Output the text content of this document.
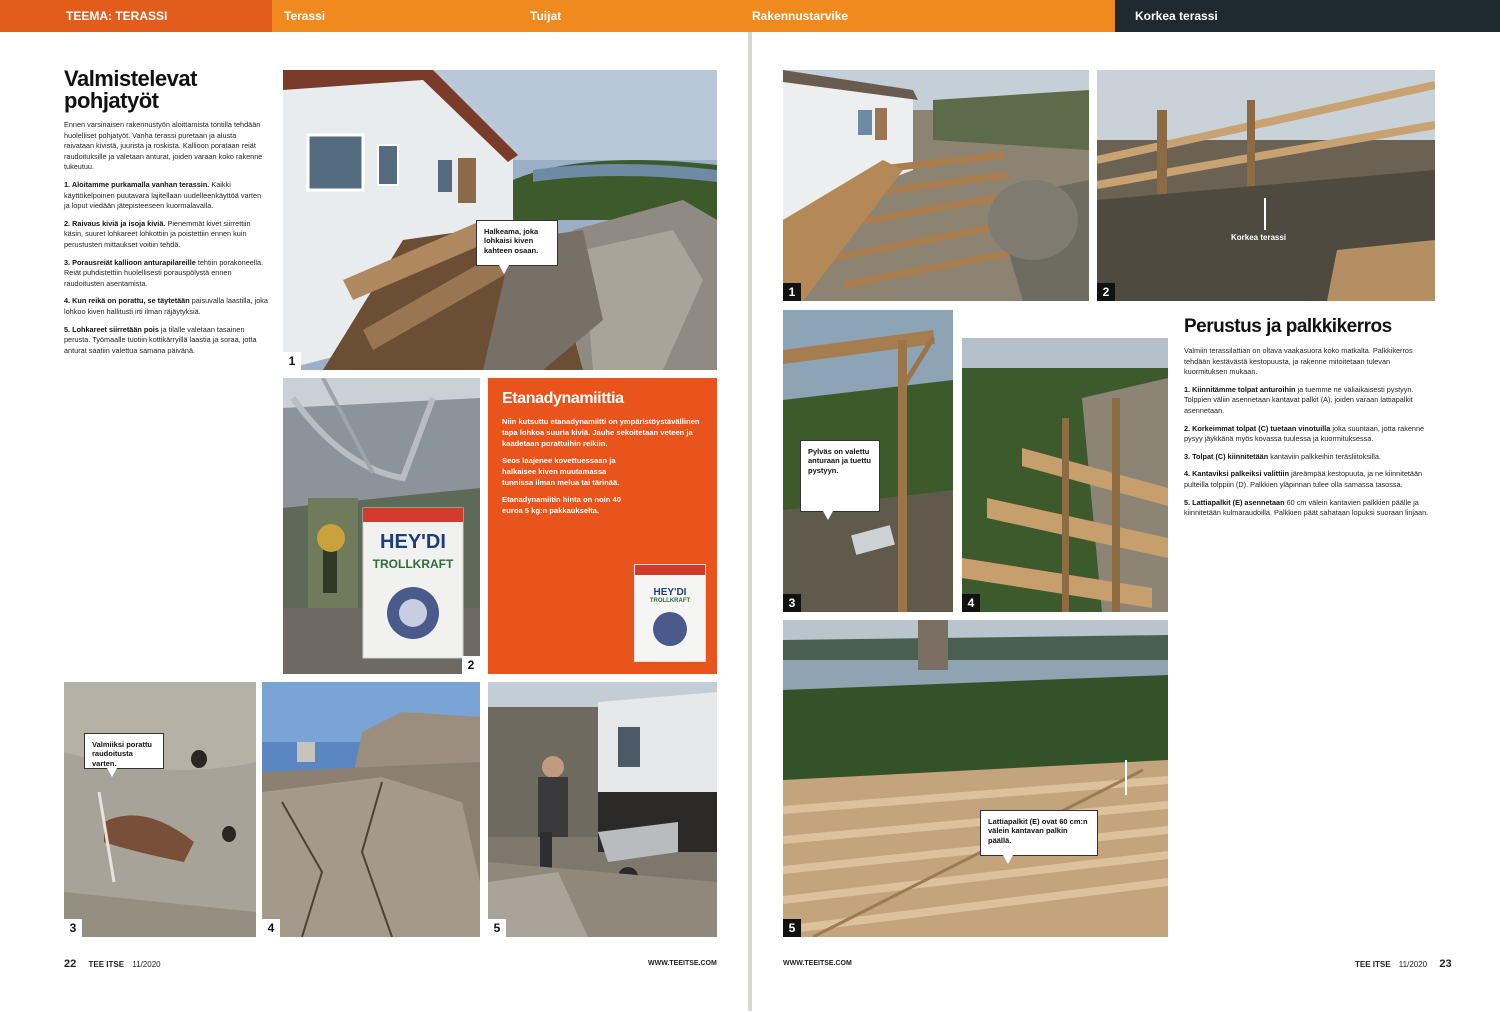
TEEMA: TERASSI	Terassi	Tuijat	Rakennustarvike	Korkea terassi
Valmistelevat
pohjatyöt

Ennen varsinaisen rakennustyön aloittamista tontilla tehdään huolelliset pohjatyöt. Vanha terassi puretaan ja alusta raivataan kivistä, juurista ja roskista. Kallioon porataan reiät raudoituksille ja valetaan anturat, joiden varaan koko rakenne tukeutuu.

1. Aloitamme purkamalla vanhan terassin. Kaikki käyttökelpoinen puutavara lajitellaan uudelleenkäyttöä varten ja loput viedään jätepisteeseen kuormalavalla.

2. Raivaus kiviä ja isoja kiviä. Pienemmät kivet siirrettiin käsin, suuret lohkareet lohkottiin ja poistettiin ennen kuin perustusten mittaukset voitiin tehdä.

3. Porausreiät kallioon anturapilareille tehtiin porakoneella. Reiät puhdistettiin huolellisesti porauspölystä ennen raudoitusten asentamista.

4. Kun reikä on porattu, se täytetään paisuvalla laastilla, joka lohkoo kiven hallitusti irti ilman räjäytyksiä.

5. Lohkareet siirretään pois ja tilalle valetaan tasainen perusta. Työmaalle tuotiin kottikärryillä laastia ja soraa, jotta anturat saatiin valettua samana päivänä.

1
Halkeama, joka lohkaisi kiven kahteen osaan.
HEY'DI
TROLLKRAFT
2
Etanadynamiittia
Niin kutsuttu etanadynamiitti on ympäristöystävällinen tapa lohkoa suuria kiviä. Jauhe sekoitetaan veteen ja kaadetaan porattuihin reikiin.
Seos laajenee kovettuessaan ja halkaisee kiven muutamassa tunnissa ilman melua tai tärinää.
Etanadynamiitin hinta on noin 40 euroa 5 kg:n pakkaukselta.
HEY'DI
TROLLKRAFT
3
Valmiiksi porattu raudoitusta varten.
4	5
22 TEE ITSE 11/2020	WWW.TEEITSE.COM
1
Korkea terassi
2
Perustus ja palkkikerros
3
Pylväs on valettu anturaan ja tuettu pystyyn.
4
5
Lattiapalkit (E) ovat 60 cm:n välein kantavan palkin päällä.

Valmiin terassilattian on oltava vaakasuora koko matkalta. Palkkikerros tehdään kestävästä kestopuusta, ja rakenne mitoitetaan tulevan kuormituksen mukaan.

1. Kiinnitämme tolpat anturoihin ja tuemme ne väliaikaisesti pystyyn. Tolppien väliin asennetaan kantavat palkit (A), joiden varaan lattiapalkit asennetaan.

2. Korkeimmat tolpat (C) tuetaan vinotuilla joka suuntaan, jotta rakenne pysyy jäykkänä myös kovassa tuulessa ja kuormituksessa.

3. Tolpat (C) kiinnitetään kantaviin palkkeihin teräsliitoksilla.

4. Kantaviksi palkeiksi valittiin järeämpää kestopuuta, ja ne kiinnitetään pulteilla tolppiin (D). Palkkien yläpinnan tulee olla samassa tasossa.

5. Lattiapalkit (E) asennetaan 60 cm välein kantavien palkkien päälle ja kiinnitetään kulmaraudoilla. Palkkien päät sahataan lopuksi suoraan linjaan.

WWW.TEEITSE.COM	TEE ITSE 11/2020 23
